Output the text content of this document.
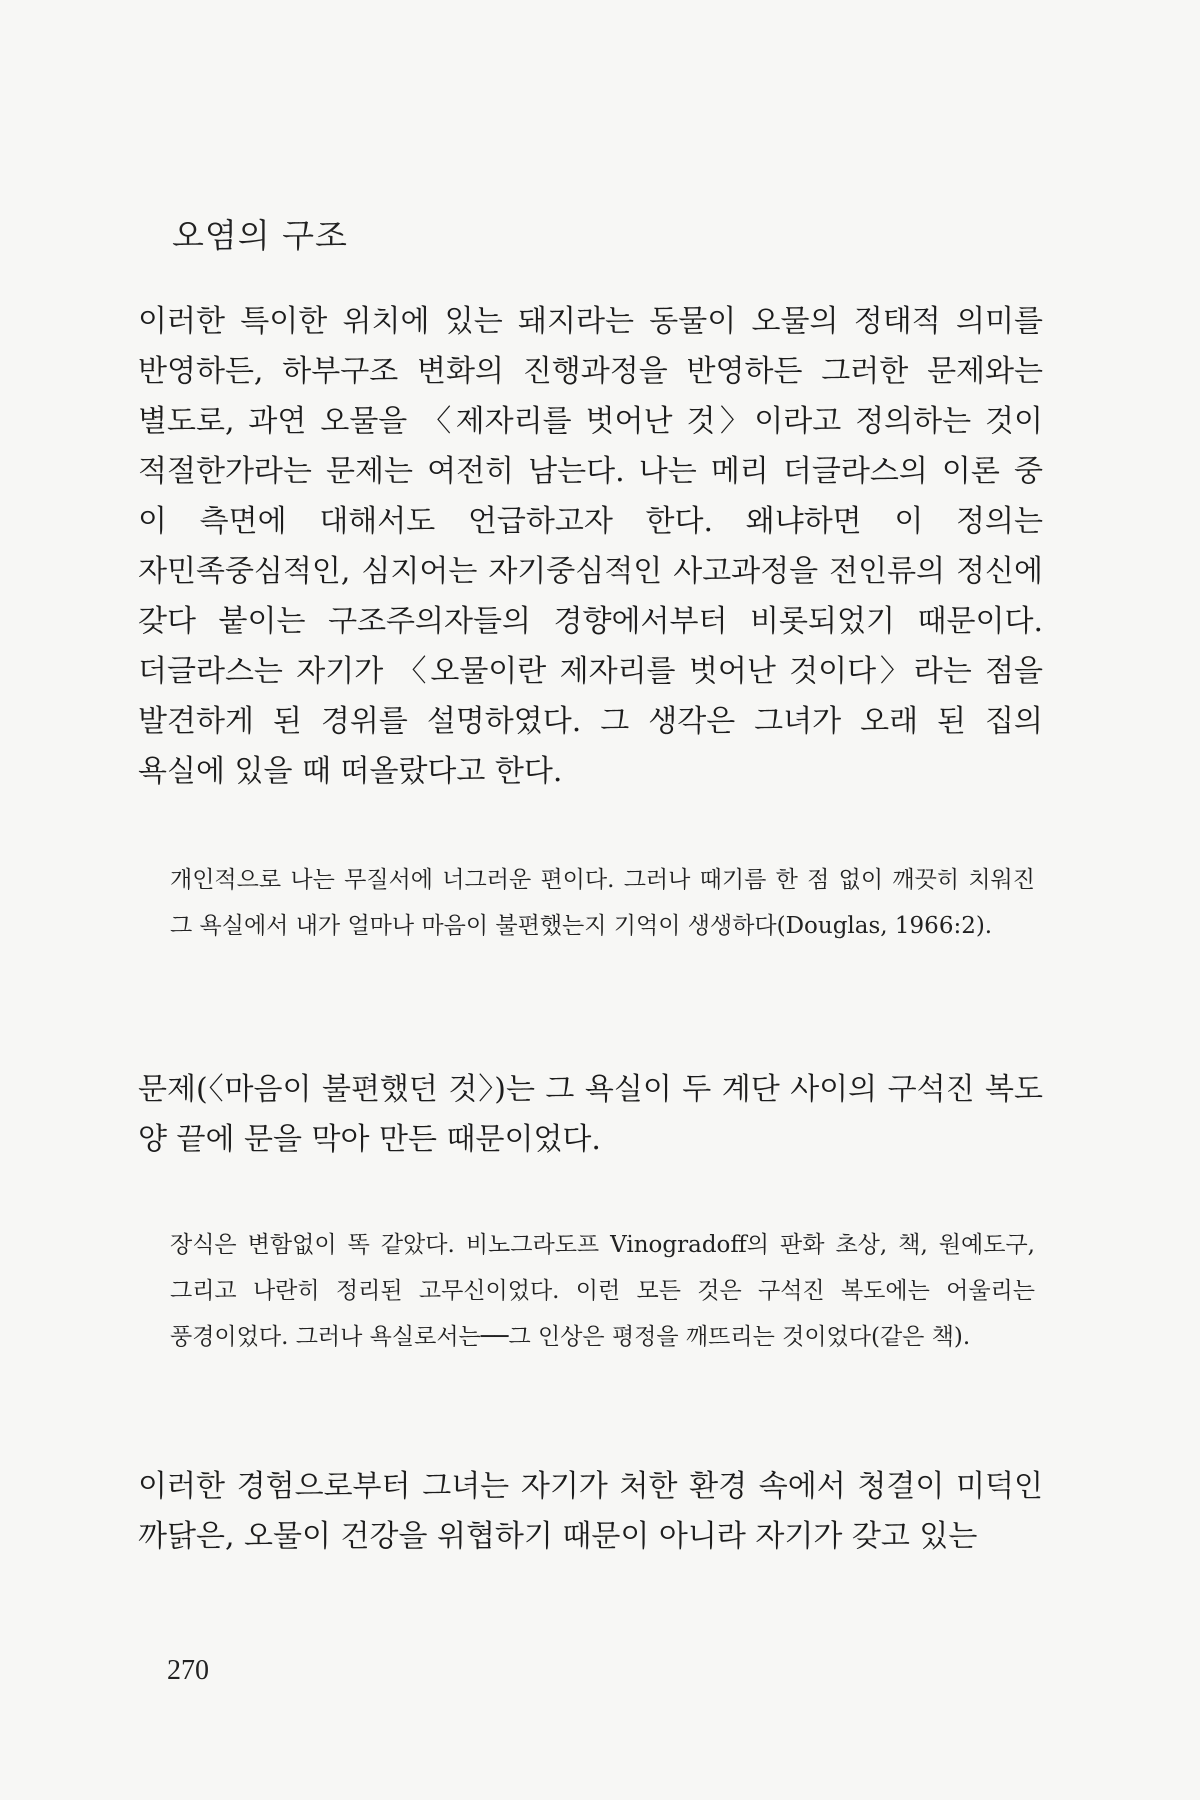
오염의 구조

이러한 특이한 위치에 있는 돼지라는 동물이 오물의 정태적 의미를 반영하든, 하부구조 변화의 진행과정을 반영하든 그러한 문제와는 별도로, 과연 오물을 〈제자리를 벗어난 것〉이라고 정의하는 것이 적절한가라는 문제는 여전히 남는다. 나는 메리 더글라스의 이론 중 이 측면에 대해서도 언급하고자 한다. 왜냐하면 이 정의는 자민족중심적인, 심지어는 자기중심적인 사고과정을 전인류의 정신에 갖다 붙이는 구조주의자들의 경향에서부터 비롯되었기 때문이다. 더글라스는 자기가 〈오물이란 제자리를 벗어난 것이다〉라는 점을 발견하게 된 경위를 설명하였다. 그 생각은 그녀가 오래 된 집의 욕실에 있을 때 떠올랐다고 한다.

개인적으로 나는 무질서에 너그러운 편이다. 그러나 때기름 한 점 없이 깨끗히 치워진 그 욕실에서 내가 얼마나 마음이 불편했는지 기억이 생생하다(Douglas, 1966:2).

문제(〈마음이 불편했던 것〉)는 그 욕실이 두 계단 사이의 구석진 복도 양 끝에 문을 막아 만든 때문이었다.

장식은 변함없이 똑 같았다. 비노그라도프 Vinogradoff의 판화 초상, 책, 원예도구, 그리고 나란히 정리된 고무신이었다. 이런 모든 것은 구석진 복도에는 어울리는 풍경이었다. 그러나 욕실로서는──그 인상은 평정을 깨뜨리는 것이었다(같은 책).

이러한 경험으로부터 그녀는 자기가 처한 환경 속에서 청결이 미덕인 까닭은, 오물이 건강을 위협하기 때문이 아니라 자기가 갖고 있는

270
